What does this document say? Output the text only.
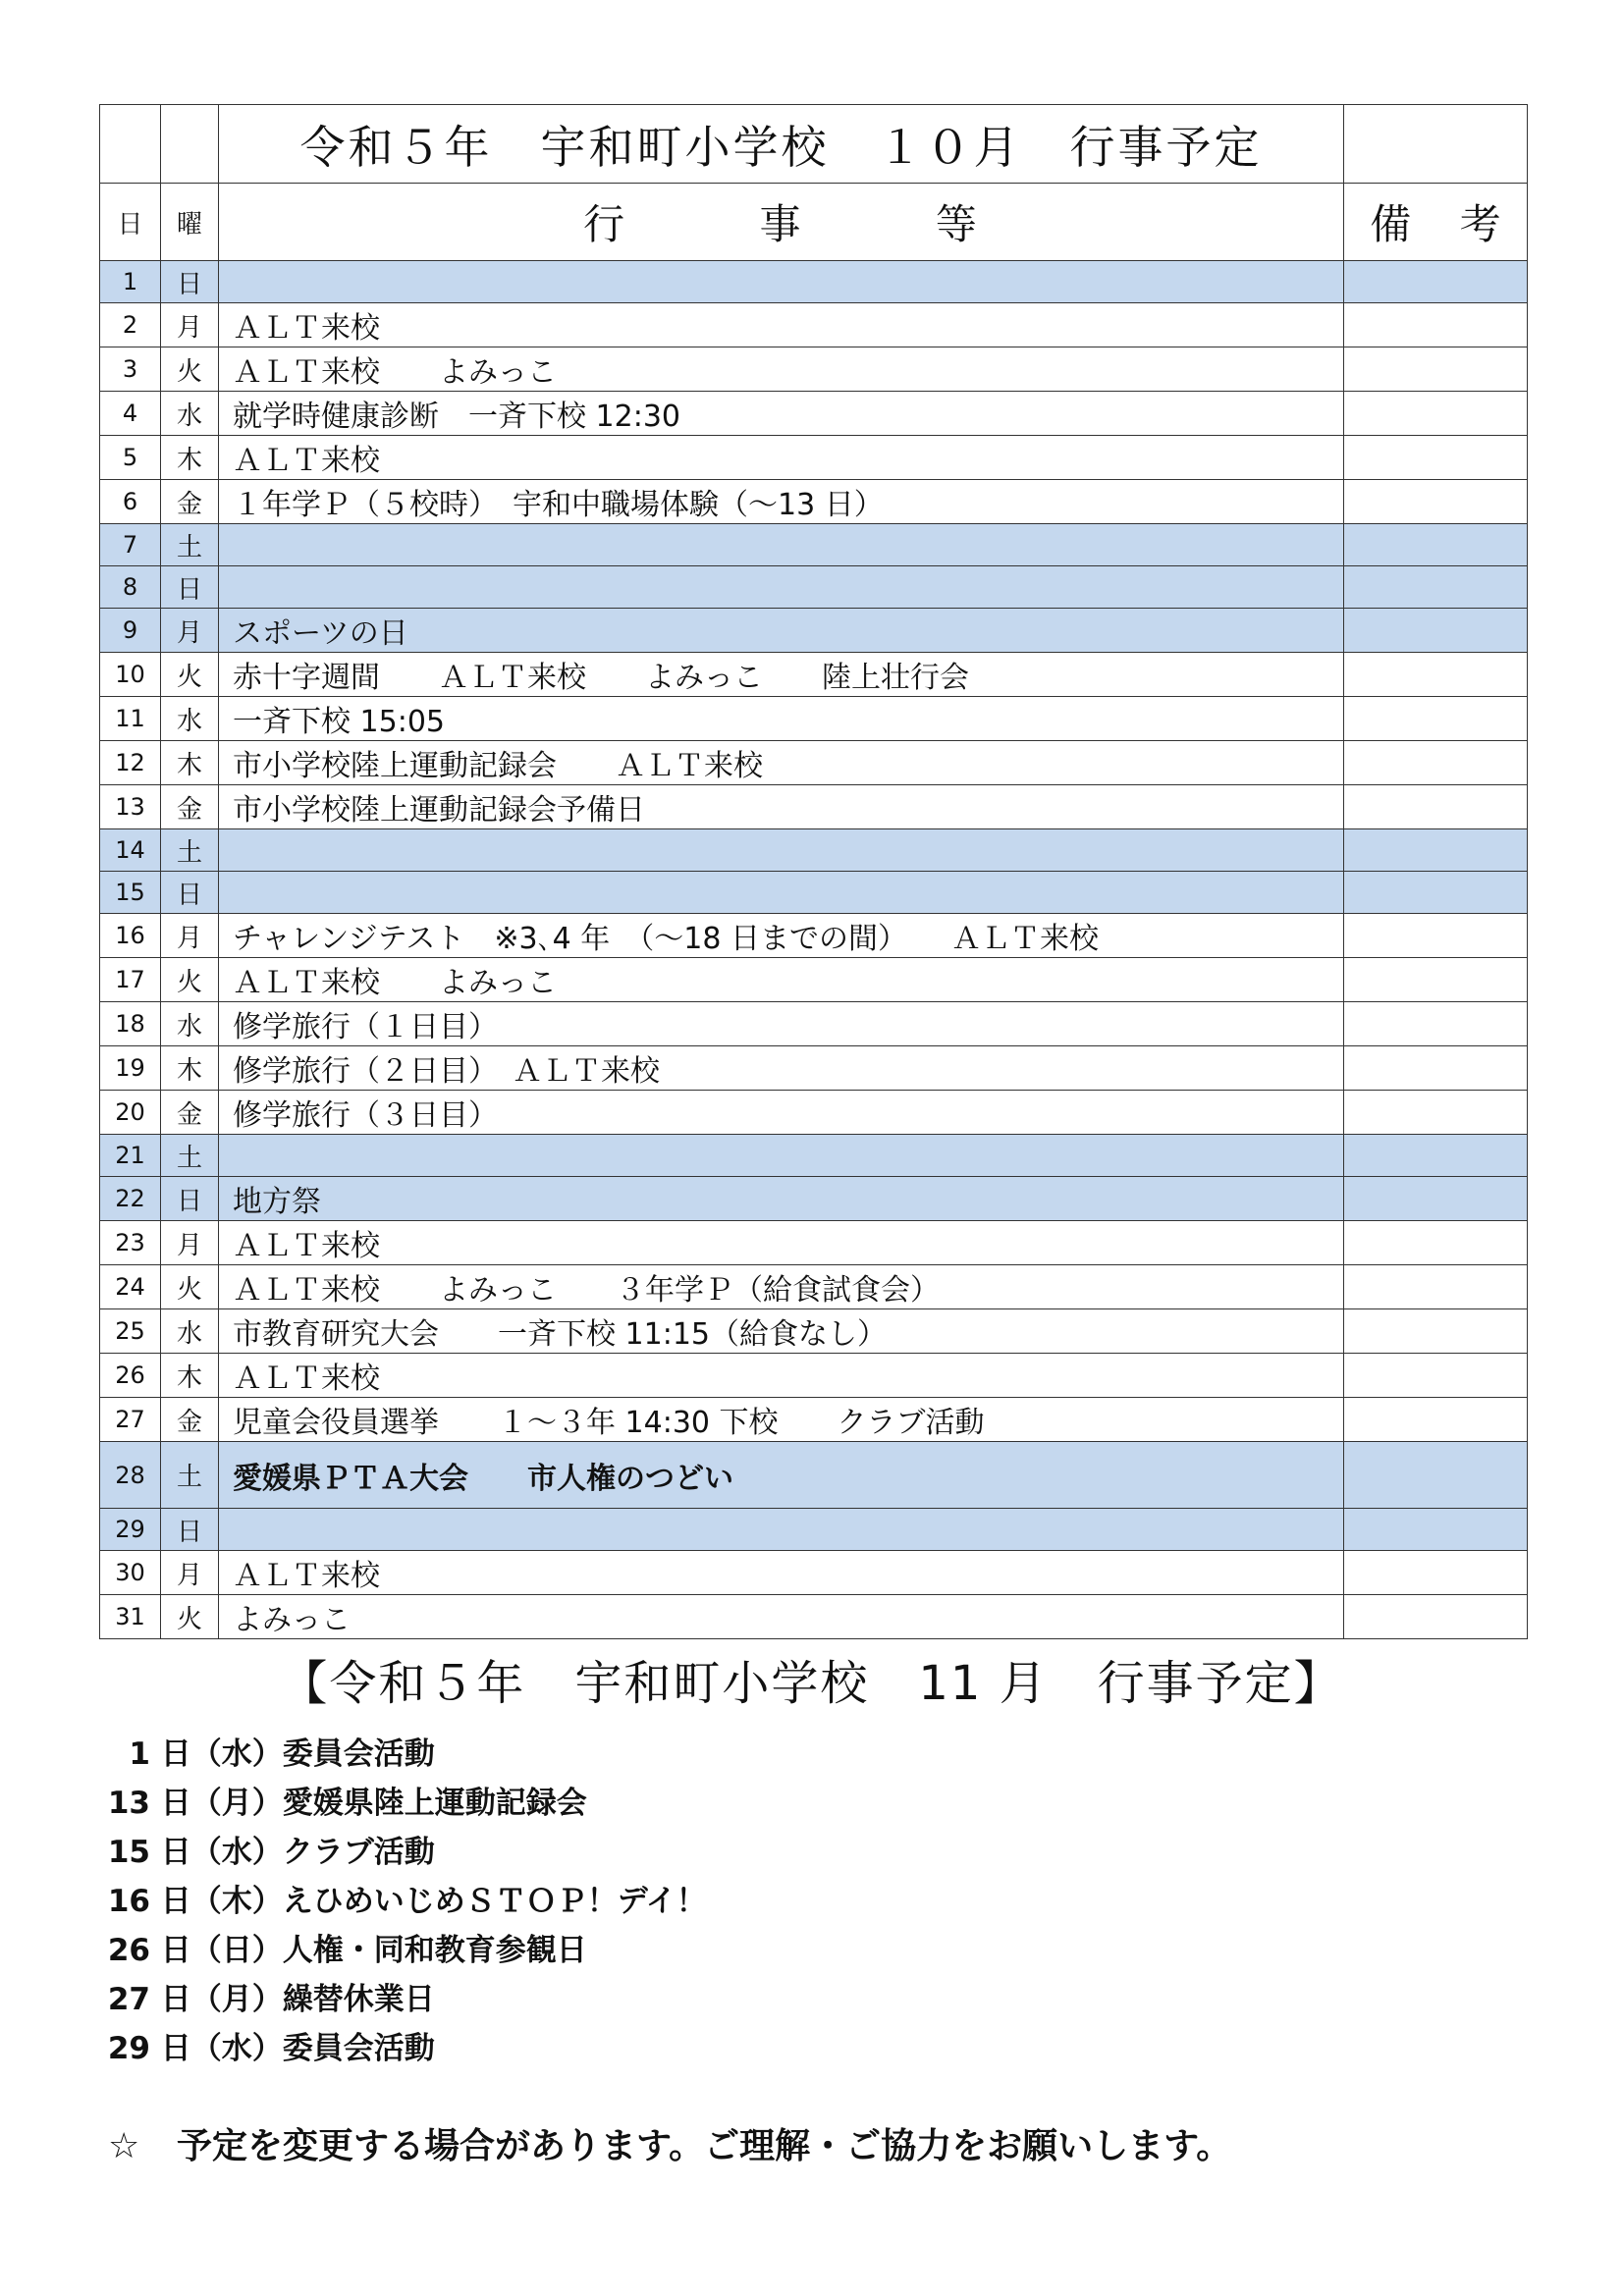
		令和５年　宇和町小学校　１０月　行事予定	
日	曜	行 事 等	備 考
1	日		
2	月	ＡＬＴ来校	
3	火	ＡＬＴ来校　　よみっこ	
4	水	就学時健康診断　一斉下校 12:30	
5	木	ＡＬＴ来校	
6	金	１年学Ｐ（５校時）　宇和中職場体験（～13 日）	
7	土		
8	日		
9	月	スポーツの日	
10	火	赤十字週間　　ＡＬＴ来校　　よみっこ　　陸上壮行会	
11	水	一斉下校 15:05	
12	木	市小学校陸上運動記録会　　ＡＬＴ来校	
13	金	市小学校陸上運動記録会予備日	
14	土		
15	日		
16	月	チャレンジテスト　※3､4 年　（～18 日までの間）　　ＡＬＴ来校	
17	火	ＡＬＴ来校　　よみっこ	
18	水	修学旅行（１日目）	
19	木	修学旅行（２日目）　ＡＬＴ来校	
20	金	修学旅行（３日目）	
21	土		
22	日	地方祭	
23	月	ＡＬＴ来校	
24	火	ＡＬＴ来校　　よみっこ　　３年学Ｐ（給食試食会）	
25	水	市教育研究大会　　一斉下校 11:15（給食なし）	
26	木	ＡＬＴ来校	
27	金	児童会役員選挙　　１～３年 14:30 下校　　クラブ活動	
28	土	愛媛県ＰＴＡ大会　　市人権のつどい	
29	日		
30	月	ＡＬＴ来校	
31	火	よみっこ	
【令和５年　宇和町小学校　11 月　行事予定】
1 日（水）委員会活動
13 日（月）愛媛県陸上運動記録会
15 日（水）クラブ活動
16 日（木）えひめいじめＳＴＯＰ！デイ！
26 日（日）人権・同和教育参観日
27 日（月）繰替休業日
29 日（水）委員会活動
☆ 予定を変更する場合があります。ご理解・ご協力をお願いします。
